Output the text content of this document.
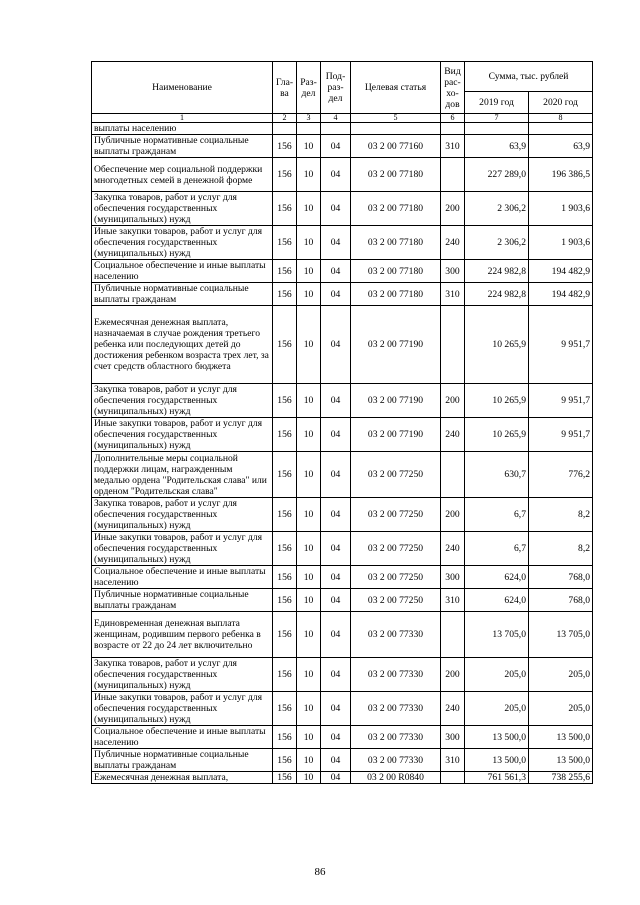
Наименование	Гла-ва	Раз-дел	Под-раз-дел	Целевая статья	Вид рас-хо-дов	Сумма, тыс. рублей	
						2019 год	2020 год
1	2	3	4	5	6	7	8
выплаты населению							
Публичные нормативные социальные выплаты гражданам	156	10	04	03 2 00 77160	310	63,9	63,9
Обеспечение мер социальной поддержки многодетных семей в денежной форме	156	10	04	03 2 00 77180		227 289,0	196 386,5
Закупка товаров, работ и услуг для обеспечения государственных (муниципальных) нужд	156	10	04	03 2 00 77180	200	2 306,2	1 903,6
Иные закупки товаров, работ и услуг для обеспечения государственных (муниципальных) нужд	156	10	04	03 2 00 77180	240	2 306,2	1 903,6
Социальное обеспечение и иные выплаты населению	156	10	04	03 2 00 77180	300	224 982,8	194 482,9
Публичные нормативные социальные выплаты гражданам	156	10	04	03 2 00 77180	310	224 982,8	194 482,9
Ежемесячная денежная выплата, назначаемая в случае рождения третьего ребенка или последующих детей до достижения ребенком возраста трех лет, за счет средств областного бюджета	156	10	04	03 2 00 77190		10 265,9	9 951,7
Закупка товаров, работ и услуг для обеспечения государственных (муниципальных) нужд	156	10	04	03 2 00 77190	200	10 265,9	9 951,7
Иные закупки товаров, работ и услуг для обеспечения государственных (муниципальных) нужд	156	10	04	03 2 00 77190	240	10 265,9	9 951,7
Дополнительные меры социальной поддержки лицам, награжденным медалью ордена "Родительская слава" или орденом "Родительская слава"	156	10	04	03 2 00 77250		630,7	776,2
Закупка товаров, работ и услуг для обеспечения государственных (муниципальных) нужд	156	10	04	03 2 00 77250	200	6,7	8,2
Иные закупки товаров, работ и услуг для обеспечения государственных (муниципальных) нужд	156	10	04	03 2 00 77250	240	6,7	8,2
Социальное обеспечение и иные выплаты населению	156	10	04	03 2 00 77250	300	624,0	768,0
Публичные нормативные социальные выплаты гражданам	156	10	04	03 2 00 77250	310	624,0	768,0
Единовременная денежная выплата женщинам, родившим первого ребенка в возрасте от 22 до 24 лет включительно	156	10	04	03 2 00 77330		13 705,0	13 705,0
Закупка товаров, работ и услуг для обеспечения государственных (муниципальных) нужд	156	10	04	03 2 00 77330	200	205,0	205,0
Иные закупки товаров, работ и услуг для обеспечения государственных (муниципальных) нужд	156	10	04	03 2 00 77330	240	205,0	205,0
Социальное обеспечение и иные выплаты населению	156	10	04	03 2 00 77330	300	13 500,0	13 500,0
Публичные нормативные социальные выплаты гражданам	156	10	04	03 2 00 77330	310	13 500,0	13 500,0
Ежемесячная денежная выплата,	156	10	04	03 2 00 R0840		761 561,3	738 255,6
86
